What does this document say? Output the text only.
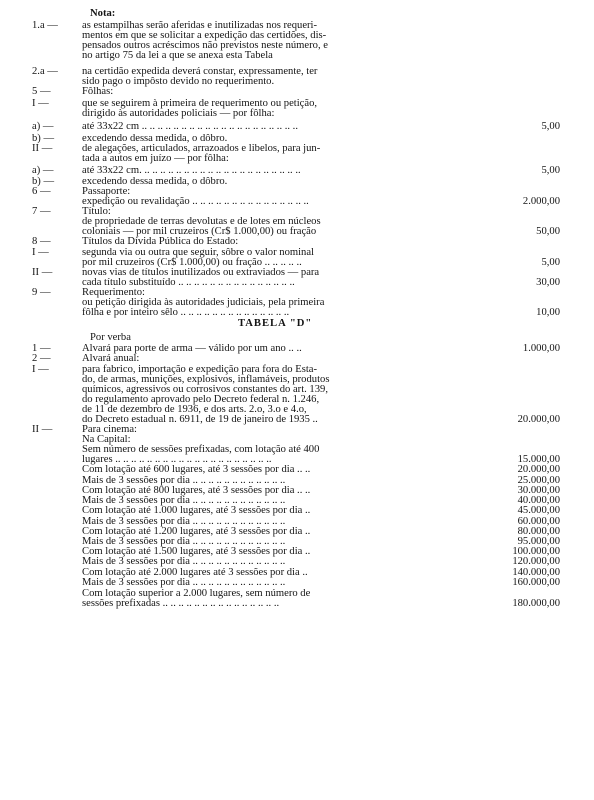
Nota:
1.a — as estampilhas serão aferidas e inutilizadas nos requeri-
mentos em que se solicitar a expedição das certidões, dis-
pensados outros acréscimos não previstos neste número, e
no artigo 75 da lei a que se anexa esta Tabela
2.a — na certidão expedida deverá constar, expressamente, ter
sido pago o impôsto devido no requerimento.
5 —	Fôlhas:
I —	que se seguirem à primeira de requerimento ou petição,
dirigido às autoridades policiais — por fôlha:
a) —	até 33x22 cm .. .. .. .. .. .. .. .. .. .. .. .. .. .. .. .. .. .. .. ..	5,00
b) —	excedendo dessa medida, o dôbro.
II —	de alegações, articulados, arrazoados e libelos, para jun-
tada a autos em juízo — por fôlha:
a) —	até 33x22 cm. .. .. .. .. .. .. .. .. .. .. .. .. .. .. .. .. .. .. .. ..	5,00
b) —	excedendo dessa medida, o dôbro.
6 —	Passaporte:
expedição ou revalidação .. .. .. .. .. .. .. .. .. .. .. .. .. .. ..	2.000,00
7 —	Título:
de propriedade de terras devolutas e de lotes em núcleos
coloniais — por mil cruzeiros (Cr$ 1.000,00) ou fração	50,00
8 —	Títulos da Dívida Pública do Estado:
I —	segunda via ou outra que seguir, sôbre o valor nominal
por mil cruzeiros (Cr$ 1.000,00) ou fração .. .. .. .. ..	5,00
II —	novas vias de títulos inutilizados ou extraviados — para
cada título substituído .. .. .. .. .. .. .. .. .. .. .. .. .. .. ..	30,00
9 —	Requerimento:
ou petição dirigida às autoridades judiciais, pela primeira
fôlha e por inteiro sêlo .. .. .. .. .. .. .. .. .. .. .. .. .. ..	10,00
TABELA "D"
Por verba
1 —	Alvará para porte de arma — válido por um ano .. ..	1.000,00
2 —	Alvará anual:
I —	para fabrico, importação e expedição para fora do Esta-
do, de armas, munições, explosivos, inflamáveis, produtos
químicos, agressivos ou corrosivos constantes do art. 139,
do regulamento aprovado pelo Decreto federal n. 1.246,
de 11 de dezembro de 1936, e dos arts. 2.o, 3.o e 4.o,
do Decreto estadual n. 6911, de 19 de janeiro de 1935 ..	20.000,00
II —	Para cinema:
Na Capital:
Sem número de sessões prefixadas, com lotação até 400
lugares .. .. .. .. .. .. .. .. .. .. .. .. .. .. .. .. .. .. .. ..	15.000,00
Com lotação até 600 lugares, até 3 sessões por dia .. ..	20.000,00
Mais de 3 sessões por dia .. .. .. .. .. .. .. .. .. .. .. ..	25.000,00
Com lotação até 800 lugares, até 3 sessões por dia .. ..	30.000,00
Mais de 3 sessões por dia .. .. .. .. .. .. .. .. .. .. .. ..	40.000,00
Com lotação até 1.000 lugares, até 3 sessões por dia ..	45.000,00
Mais de 3 sessões por dia .. .. .. .. .. .. .. .. .. .. .. ..	60.000,00
Com lotação até 1.200 lugares, até 3 sessões por dia ..	80.000,00
Mais de 3 sessões por dia .. .. .. .. .. .. .. .. .. .. .. ..	95.000,00
Com lotação até 1.500 lugares, até 3 sessões por dia ..	100.000,00
Mais de 3 sessões por dia .. .. .. .. .. .. .. .. .. .. .. ..	120.000,00
Com lotação até 2.000 lugares até 3 sessões por dia ..	140.000,00
Mais de 3 sessões por dia .. .. .. .. .. .. .. .. .. .. .. ..	160.000,00
Com lotação superior a 2.000 lugares, sem número de
sessões prefixadas .. .. .. .. .. .. .. .. .. .. .. .. .. .. ..	180.000,00
